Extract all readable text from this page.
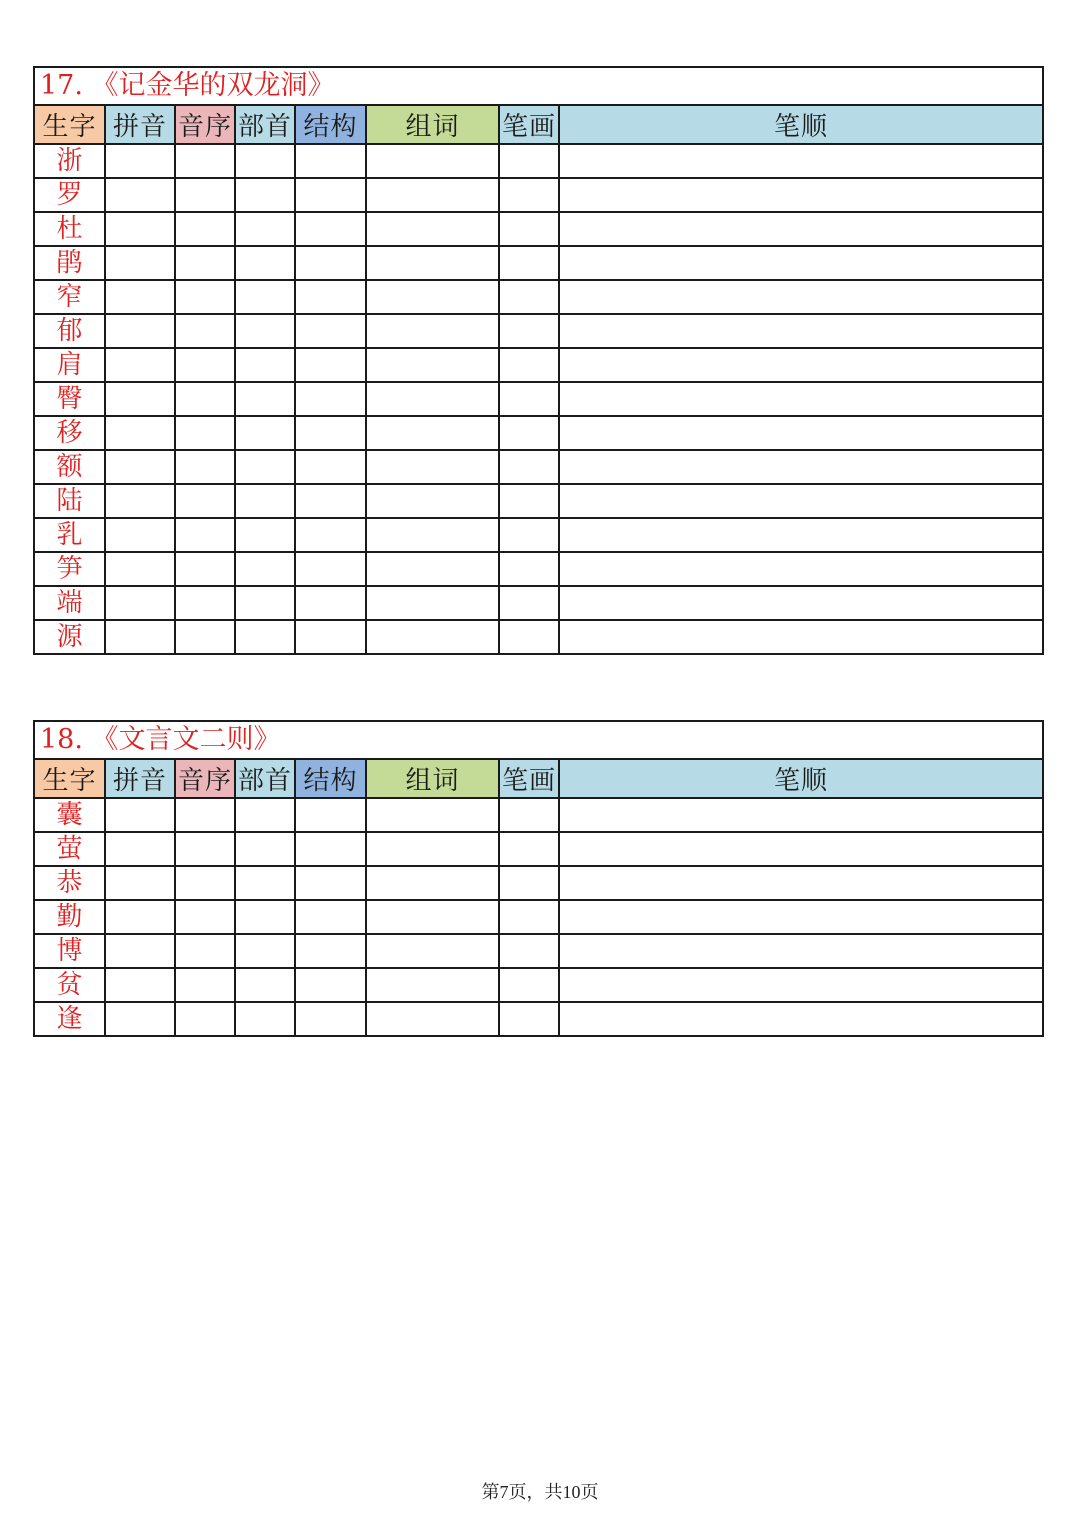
17. 《记金华的双龙洞》
生字	拼音	音序	部首	结构	组词	笔画	笔顺
浙							
罗							
杜							
鹃							
窄							
郁							
肩							
臀							
移							
额							
陆							
乳							
笋							
端							
源							
18. 《文言文二则》
生字	拼音	音序	部首	结构	组词	笔画	笔顺
囊							
萤							
恭							
勤							
博							
贫							
逢							
第7页，共10页
